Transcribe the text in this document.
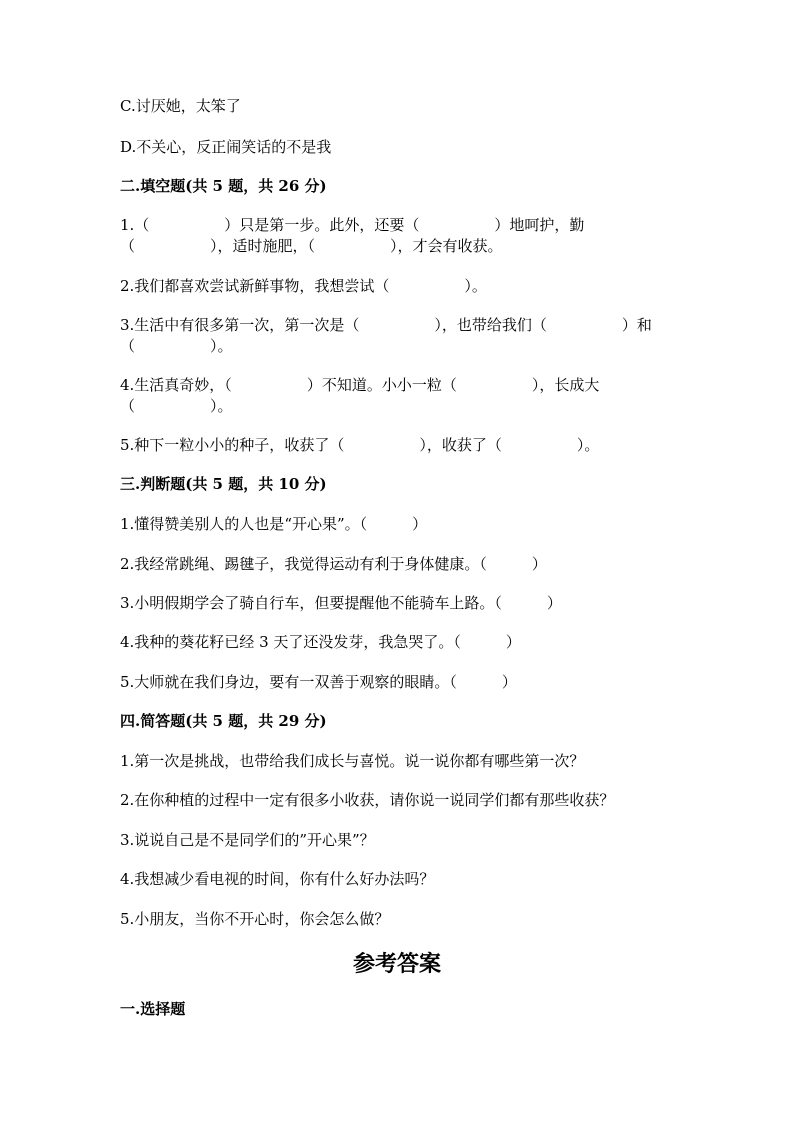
C.讨厌她，太笨了
D.不关心，反正闹笑话的不是我
二.填空题(共 5 题，共 26 分)
1.（　　　　　）只是第一步。此外，还要（　　　　　）地呵护，勤
（　　　　　），适时施肥，（　　　　　），才会有收获。
2.我们都喜欢尝试新鲜事物，我想尝试（　　　　　）。
3.生活中有很多第一次，第一次是（　　　　　），也带给我们（　　　　　）和
（　　　　　）。
4.生活真奇妙，（　　　　　）不知道。小小一粒（　　　　　），长成大
（　　　　　）。
5.种下一粒小小的种子，收获了（　　　　　），收获了（　　　　　）。
三.判断题(共 5 题，共 10 分)
1.懂得赞美别人的人也是“开心果”。（　　　）
2.我经常跳绳、踢毽子，我觉得运动有利于身体健康。（　　　）
3.小明假期学会了骑自行车，但要提醒他不能骑车上路。（　　　）
4.我种的葵花籽已经 3 天了还没发芽，我急哭了。（　　　）
5.大师就在我们身边，要有一双善于观察的眼睛。（　　　）
四.简答题(共 5 题，共 29 分)
1.第一次是挑战，也带给我们成长与喜悦。说一说你都有哪些第一次？
2.在你种植的过程中一定有很多小收获，请你说一说同学们都有那些收获？
3.说说自己是不是同学们的”开心果”？
4.我想减少看电视的时间，你有什么好办法吗？
5.小朋友，当你不开心时，你会怎么做？
参考答案
一.选择题
